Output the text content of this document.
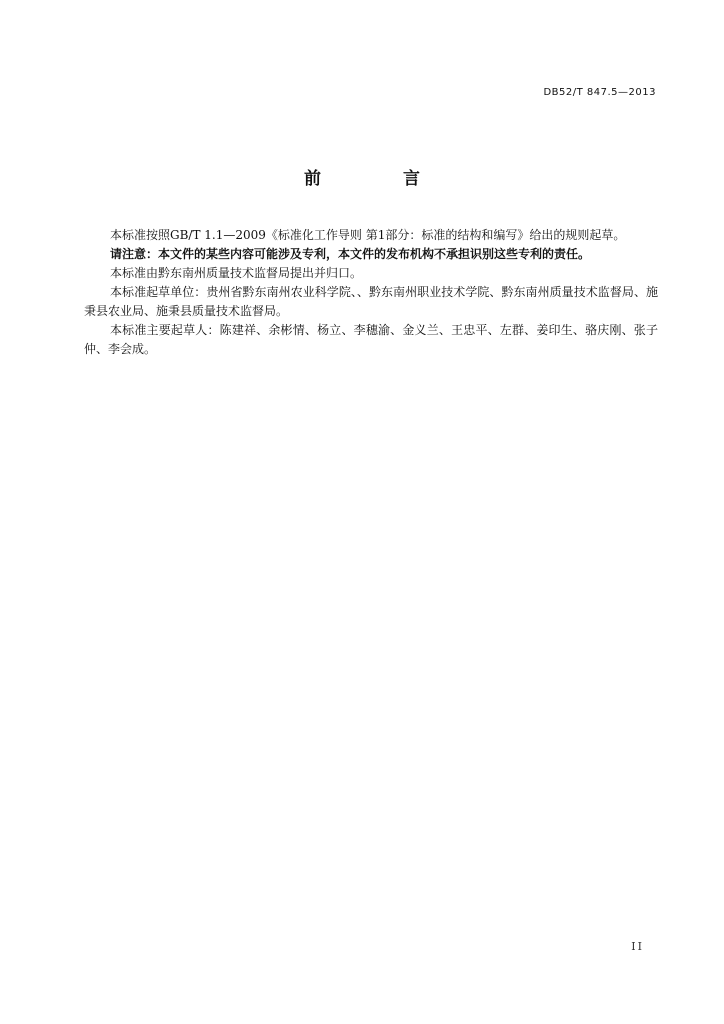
DB52/T 847.5—2013
前 言

本标准按照GB/T 1.1—2009《标准化工作导则 第1部分：标准的结构和编写》给出的规则起草。

请注意：本文件的某些内容可能涉及专利，本文件的发布机构不承担识别这些专利的责任。

本标准由黔东南州质量技术监督局提出并归口。

本标准起草单位：贵州省黔东南州农业科学院、、黔东南州职业技术学院、黔东南州质量技术监督局、施秉县农业局、施秉县质量技术监督局。

本标准主要起草人：陈建祥、余彬情、杨立、李穗渝、金义兰、王忠平、左群、姜印生、骆庆刚、张子仲、李会成。

II
